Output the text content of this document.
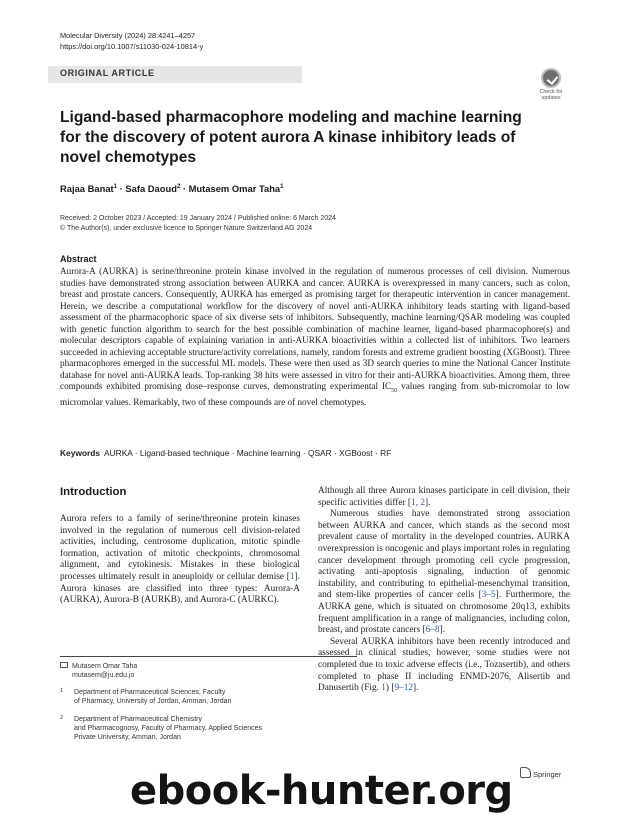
Molecular Diversity (2024) 28:4241–4257
https://doi.org/10.1007/s11030-024-10814-y
ORIGINAL ARTICLE
Check for updates
Ligand-based pharmacophore modeling and machine learning for the discovery of potent aurora A kinase inhibitory leads of novel chemotypes
Rajaa Banat$^1$ · Safa Daoud$^2$ · Mutasem Omar Taha$^1$
Received: 2 October 2023 / Accepted: 19 January 2024 / Published online: 6 March 2024
© The Author(s), under exclusive licence to Springer Nature Switzerland AG 2024
Abstract
Aurora-A (AURKA) is serine/threonine protein kinase involved in the regulation of numerous processes of cell division. Numerous studies have demonstrated strong association between AURKA and cancer. AURKA is overexpressed in many cancers, such as colon, breast and prostate cancers. Consequently, AURKA has emerged as promising target for therapeutic intervention in cancer management. Herein, we describe a computational workflow for the discovery of novel anti-AURKA inhibitory leads starting with ligand-based assessment of the pharmacophoric space of six diverse sets of inhibitors. Subsequently, machine learning/QSAR modeling was coupled with genetic function algorithm to search for the best possible combination of machine learner, ligand-based pharmacophore(s) and molecular descriptors capable of explaining variation in anti-AURKA bioactivities within a collected list of inhibitors. Two learners succeeded in achieving acceptable structure/activity correlations, namely, random forests and extreme gradient boosting (XGBoost). Three pharmacophores emerged in the successful ML models. These were then used as 3D search queries to mine the National Cancer Institute database for novel anti-AURKA leads. Top-ranking 38 hits were assessed in vitro for their anti-AURKA bioactivities. Among them, three compounds exhibited promising dose–response curves, demonstrating experimental $IC_{50}$ values ranging from sub-micromolar to low micromolar values. Remarkably, two of these compounds are of novel chemotypes.
Keywords AURKA · Ligand-based technique · Machine learning · QSAR · XGBoost · RF
Introduction

Aurora refers to a family of serine/threonine protein kinases involved in the regulation of numerous cell division-related activities, including, centrosome duplication, mitotic spindle formation, activation of mitotic checkpoints, chromosomal alignment, and cytokinesis. Mistakes in these biological processes ultimately result in aneuploidy or cellular demise [1]. Aurora kinases are classified into three types: Aurora-A (AURKA), Aurora-B (AURKB), and Aurora-C (AURKC).

Although all three Aurora kinases participate in cell division, their specific activities differ [1, 2].

Numerous studies have demonstrated strong association between AURKA and cancer, which stands as the second most prevalent cause of mortality in the developed countries. AURKA overexpression is oncogenic and plays important roles in regulating cancer development through promoting cell cycle progression, activating anti-apoptosis signaling, induction of genomic instability, and contributing to epithelial-mesenchymal transition, and stem-like properties of cancer cells [3–5]. Furthermore, the AURKA gene, which is situated on chromosome 20q13, exhibits frequent amplification in a range of malignancies, including colon, breast, and prostate cancers [6–8].

Several AURKA inhibitors have been recently introduced and assessed in clinical studies, however, some studies were not completed due to toxic adverse effects (i.e., Tozasertib), and others completed to phase II including ENMD-2076, Alisertib and Danusertib (Fig. 1) [9–12].

Mutasem Omar Taha
mutasem@ju.edu.jo
1 Department of Pharmaceutical Sciences, Faculty
of Pharmacy, University of Jordan, Amman, Jordan
2 Department of Pharmaceutical Chemistry
and Pharmacognosy, Faculty of Pharmacy, Applied Sciences
Private University, Amman, Jordan
Springer
ebook-hunter.org
